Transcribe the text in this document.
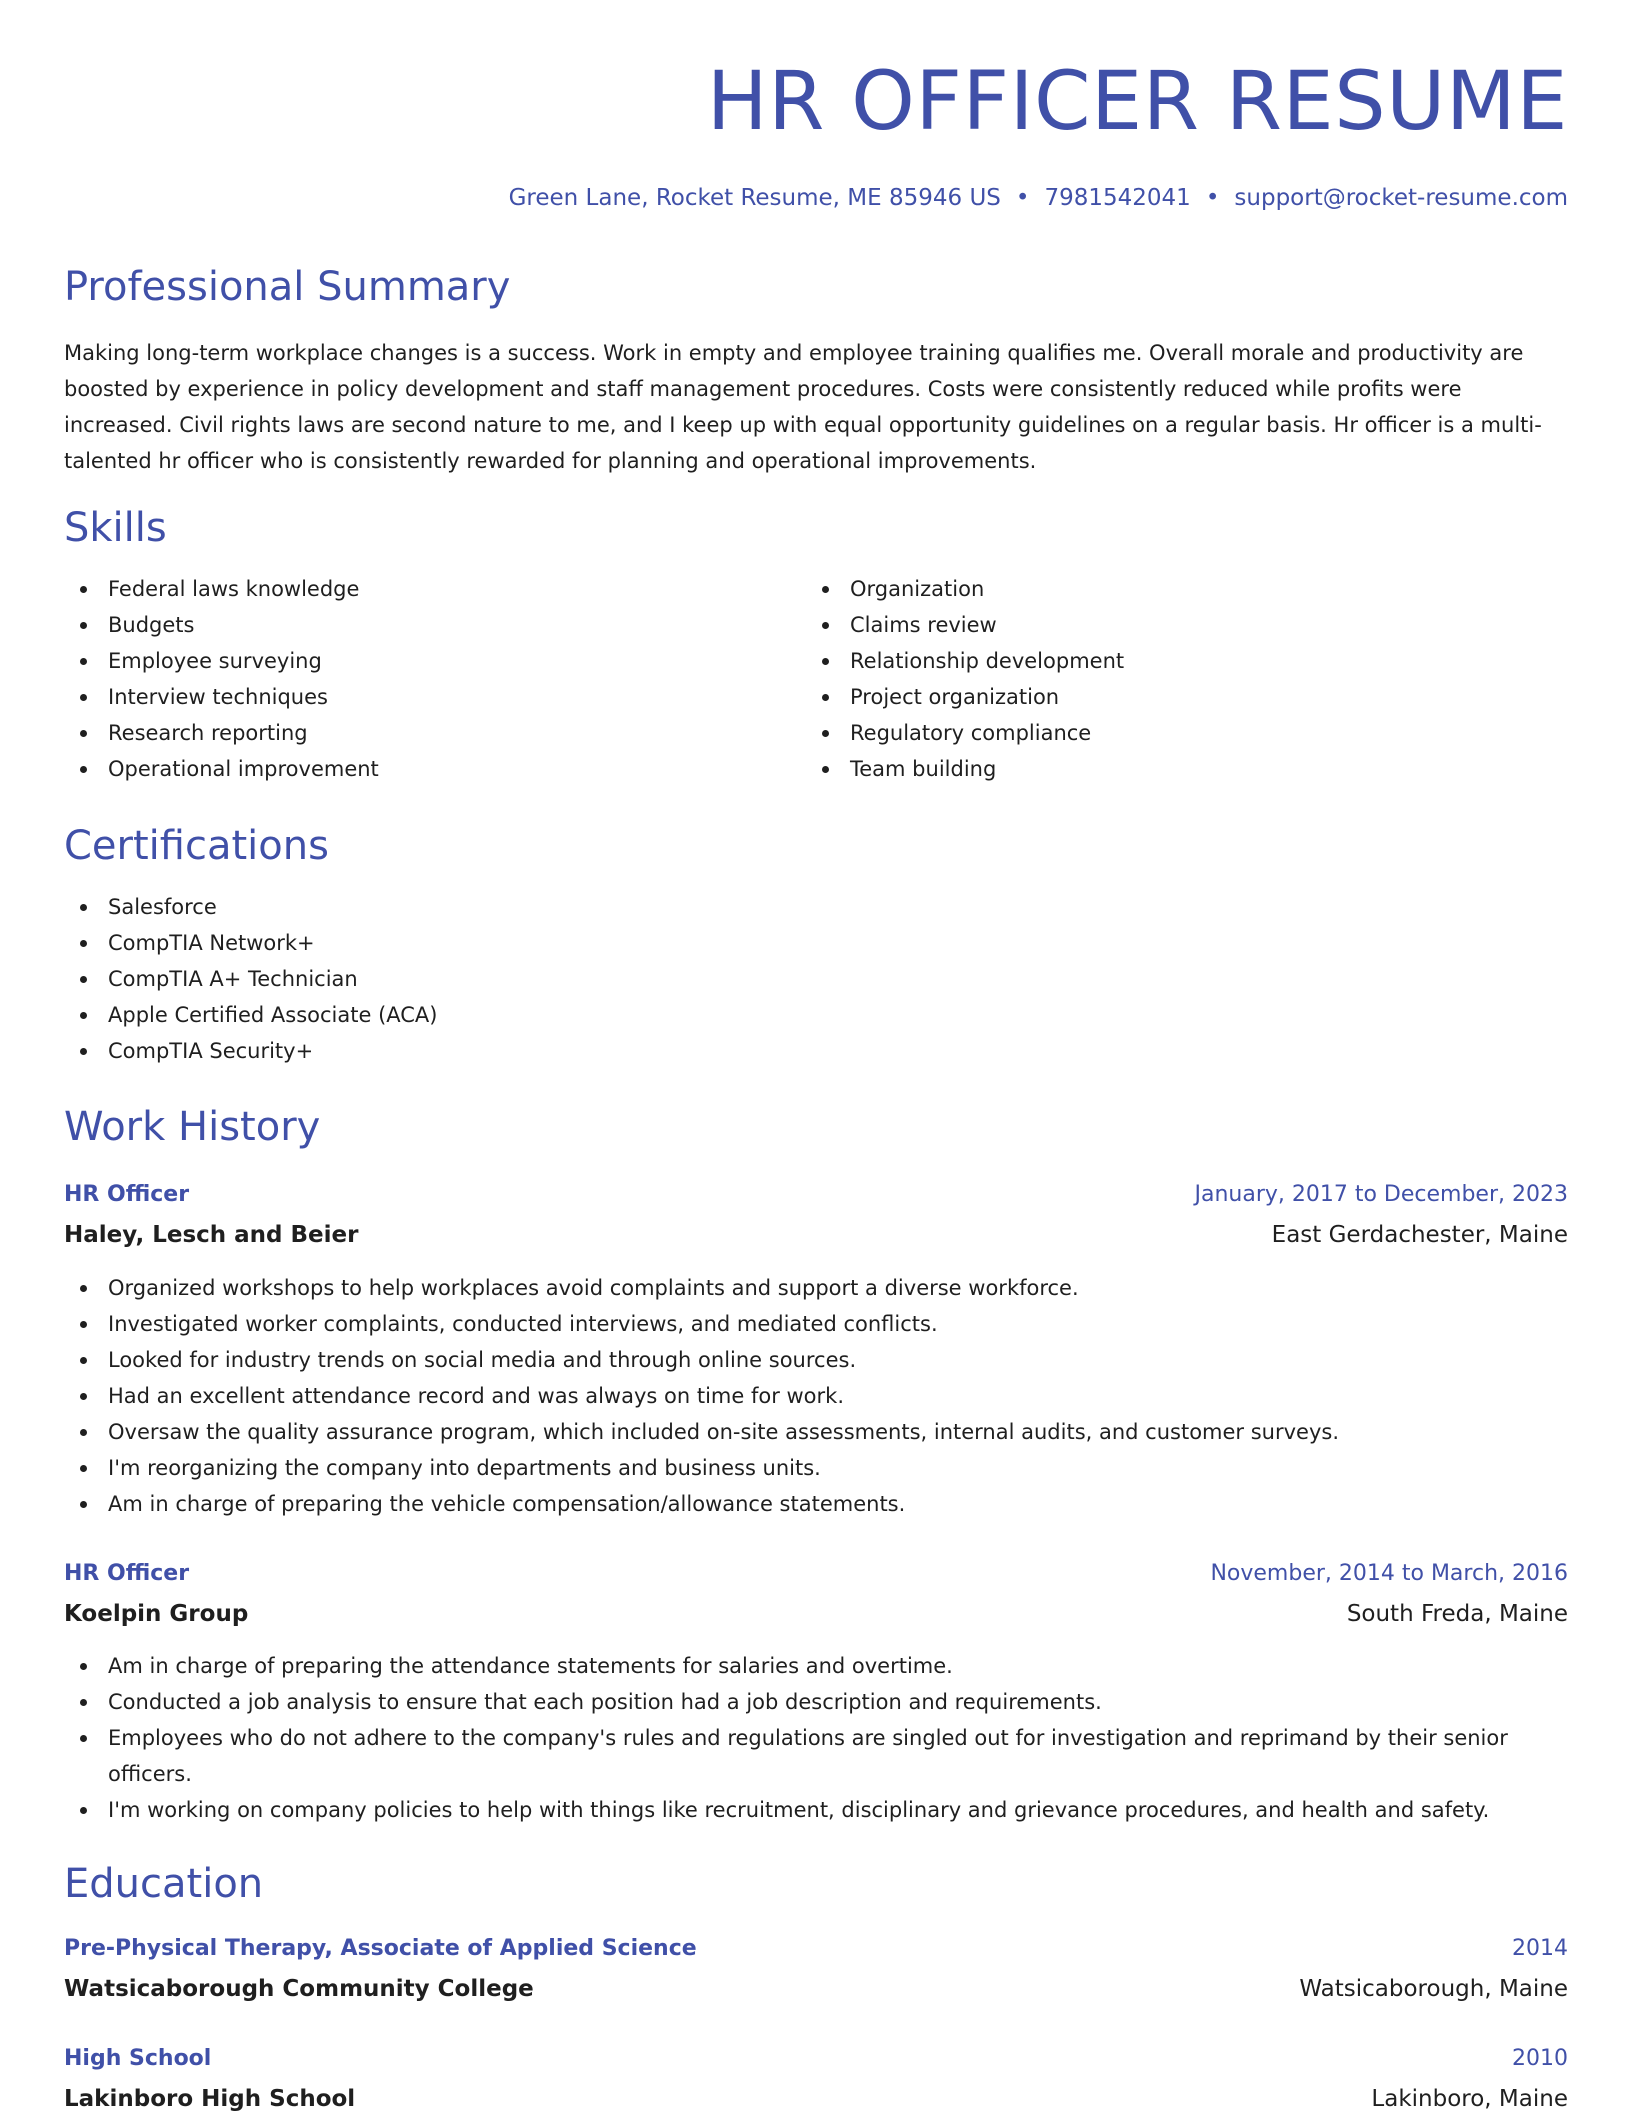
HR OFFICER RESUME
Green Lane, Rocket Resume, ME 85946 US • 7981542041 • support@rocket-resume.com
Professional Summary
Making long-term workplace changes is a success. Work in empty and employee training qualifies me. Overall morale and productivity are boosted by experience in policy development and staff management procedures. Costs were consistently reduced while profits were increased. Civil rights laws are second nature to me, and I keep up with equal opportunity guidelines on a regular basis. Hr officer is a multi-talented hr officer who is consistently rewarded for planning and operational improvements.
Skills
Federal laws knowledge
Budgets
Employee surveying
Interview techniques
Research reporting
Operational improvement
Organization
Claims review
Relationship development
Project organization
Regulatory compliance
Team building
Certifications
Salesforce
CompTIA Network+
CompTIA A+ Technician
Apple Certified Associate (ACA)
CompTIA Security+
Work History
HR Officer	January, 2017 to December, 2023
Haley, Lesch and Beier	East Gerdachester, Maine
Organized workshops to help workplaces avoid complaints and support a diverse workforce.
Investigated worker complaints, conducted interviews, and mediated conflicts.
Looked for industry trends on social media and through online sources.
Had an excellent attendance record and was always on time for work.
Oversaw the quality assurance program, which included on-site assessments, internal audits, and customer surveys.
I'm reorganizing the company into departments and business units.
Am in charge of preparing the vehicle compensation/allowance statements.
HR Officer	November, 2014 to March, 2016
Koelpin Group	South Freda, Maine
Am in charge of preparing the attendance statements for salaries and overtime.
Conducted a job analysis to ensure that each position had a job description and requirements.
Employees who do not adhere to the company's rules and regulations are singled out for investigation and reprimand by their senior officers.
I'm working on company policies to help with things like recruitment, disciplinary and grievance procedures, and health and safety.
Education
Pre-Physical Therapy, Associate of Applied Science	2014
Watsicaborough Community College	Watsicaborough, Maine
High School	2010
Lakinboro High School	Lakinboro, Maine
